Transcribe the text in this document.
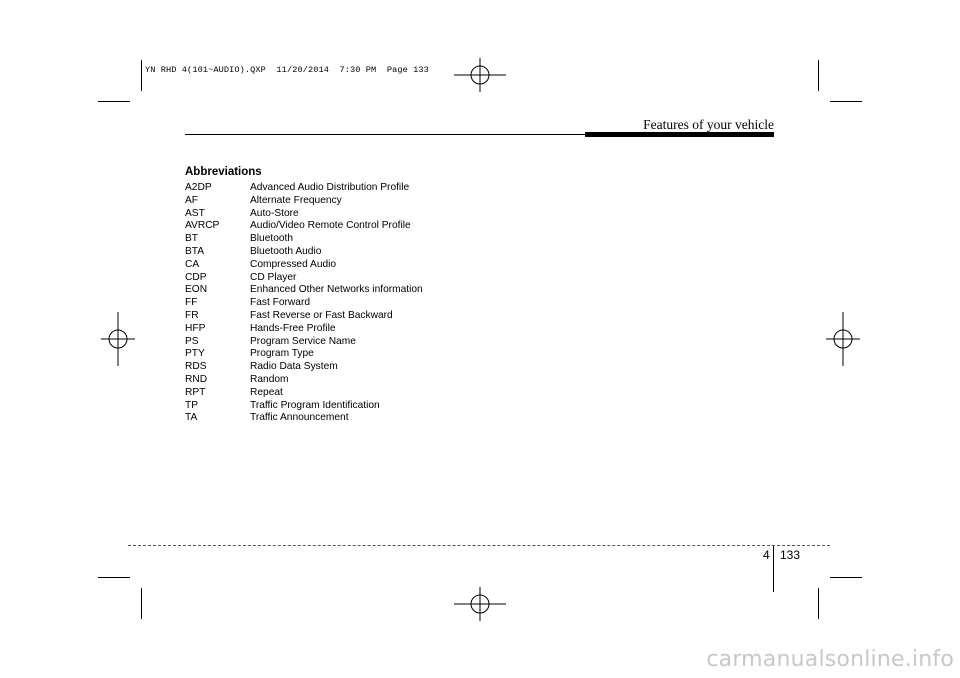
YN RHD 4(101~AUDIO).QXP  11/20/2014  7:30 PM  Page 133
Features of your vehicle
Abbreviations
A2DP	Advanced Audio Distribution Profile
AF	Alternate Frequency
AST	Auto-Store
AVRCP	Audio/Video Remote Control Profile
BT	Bluetooth
BTA	Bluetooth Audio
CA	Compressed Audio
CDP	CD Player
EON	Enhanced Other Networks information
FF	Fast Forward
FR	Fast Reverse or Fast Backward
HFP	Hands-Free Profile
PS	Program Service Name
PTY	Program Type
RDS	Radio Data System
RND	Random
RPT	Repeat
TP	Traffic Program Identification
TA	Traffic Announcement
4 133
carmanualsonline.info
